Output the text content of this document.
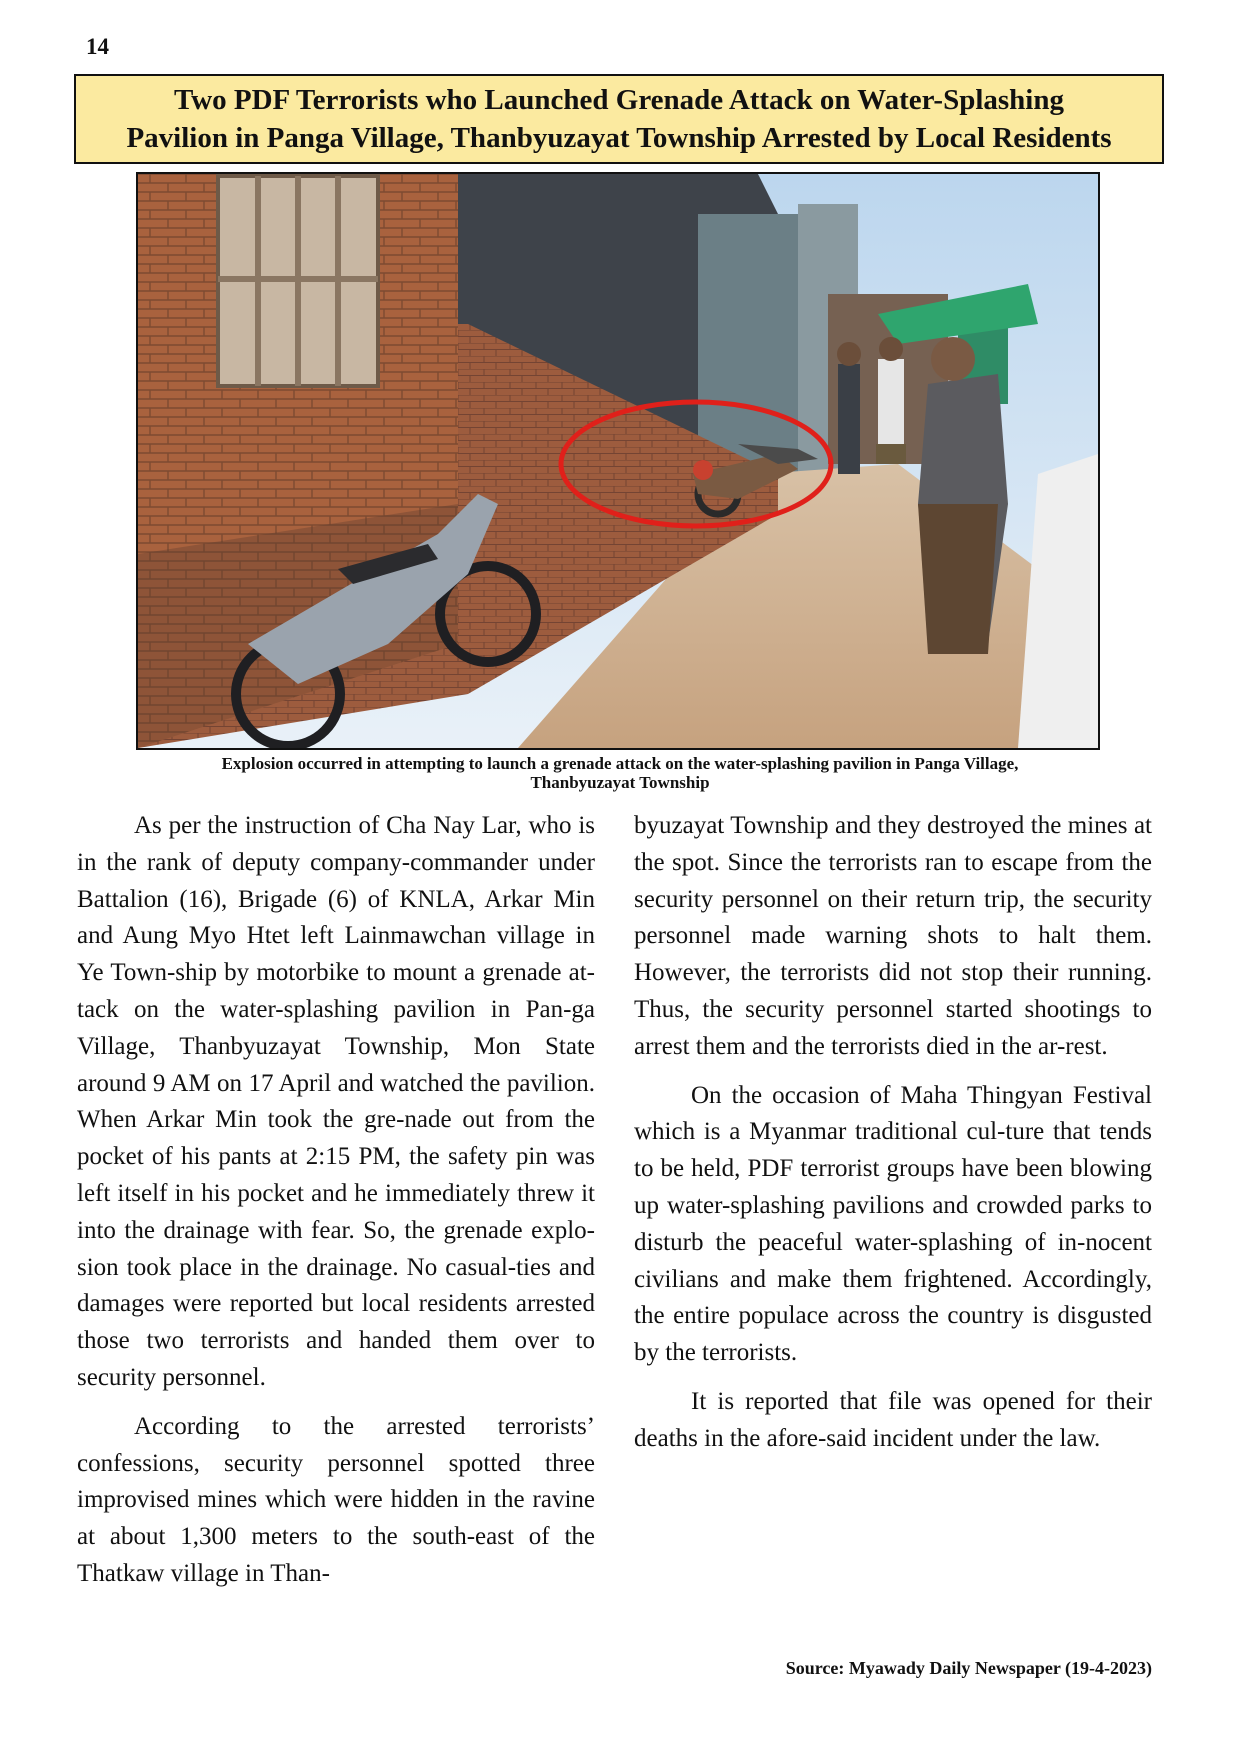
14
Two PDF Terrorists who Launched Grenade Attack on Water-Splashing
Pavilion in Panga Village, Thanbyuzayat Township Arrested by Local Residents
Explosion occurred in attempting to launch a grenade attack on the water-splashing pavilion in Panga Village,
Thanbyuzayat Township

As per the instruction of Cha Nay Lar, who is in the rank of deputy company-commander under Battalion (16), Brigade (6) of KNLA, Arkar Min and Aung Myo Htet left Lainmawchan village in Ye Town-ship by motorbike to mount a grenade at-tack on the water-splashing pavilion in Pan-ga Village, Thanbyuzayat Township, Mon State around 9 AM on 17 April and watched the pavilion. When Arkar Min took the gre-nade out from the pocket of his pants at 2:15 PM, the safety pin was left itself in his pocket and he immediately threw it into the drainage with fear. So, the grenade explo-sion took place in the drainage. No casual-ties and damages were reported but local residents arrested those two terrorists and handed them over to security personnel.

According to the arrested terrorists’ confessions, security personnel spotted three improvised mines which were hidden in the ravine at about 1,300 meters to the south-east of the Thatkaw village in Than-

byuzayat Township and they destroyed the mines at the spot. Since the terrorists ran to escape from the security personnel on their return trip, the security personnel made warning shots to halt them. However, the terrorists did not stop their running. Thus, the security personnel started shootings to arrest them and the terrorists died in the ar-rest.

On the occasion of Maha Thingyan Festival which is a Myanmar traditional cul-ture that tends to be held, PDF terrorist groups have been blowing up water-splashing pavilions and crowded parks to disturb the peaceful water-splashing of in-nocent civilians and make them frightened. Accordingly, the entire populace across the country is disgusted by the terrorists.

It is reported that file was opened for their deaths in the afore-said incident under the law.

Source: Myawady Daily Newspaper (19-4-2023)
